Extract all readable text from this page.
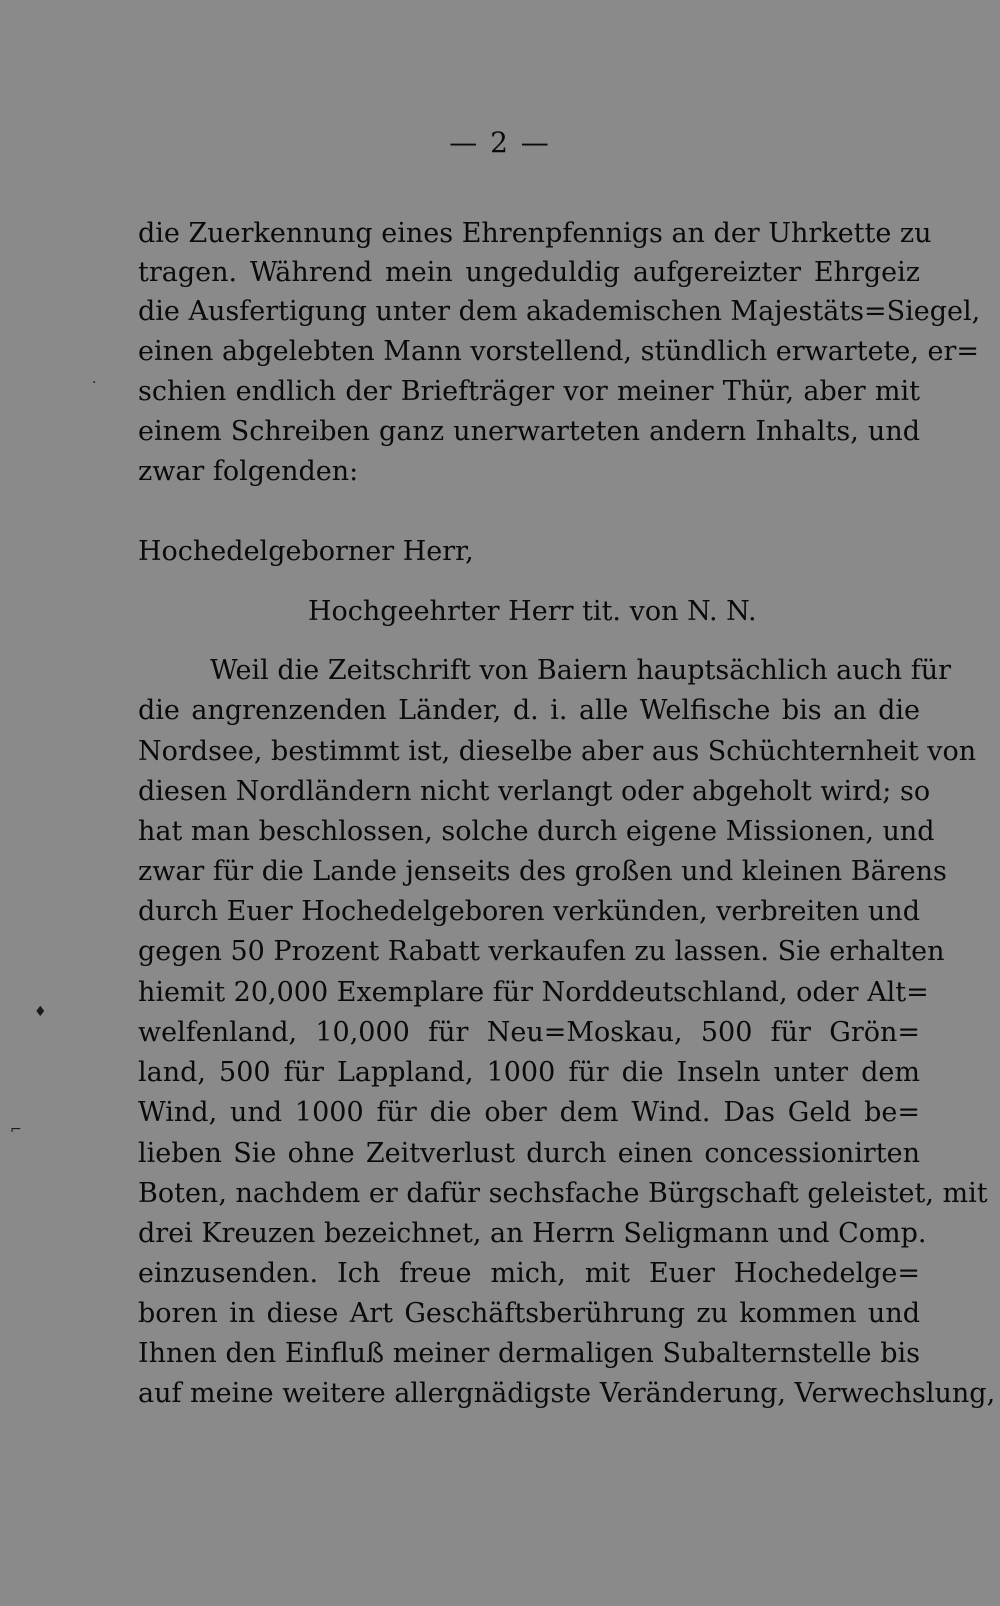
— 2 —
die Zuerkennung eines Ehrenpfennigs an der Uhrkette zu
tragen. Während mein ungeduldig aufgereizter Ehrgeiz
die Ausfertigung unter dem akademischen Majestäts=Siegel,
einen abgelebten Mann vorstellend, stündlich erwartete, er=
schien endlich der Briefträger vor meiner Thür, aber mit
einem Schreiben ganz unerwarteten andern Inhalts, und
zwar folgenden:
Hochedelgeborner Herr,
Hochgeehrter Herr tit. von N. N.
Weil die Zeitschrift von Baiern hauptsächlich auch für
die angrenzenden Länder, d. i. alle Welfische bis an die
Nordsee, bestimmt ist, dieselbe aber aus Schüchternheit von
diesen Nordländern nicht verlangt oder abgeholt wird; so
hat man beschlossen, solche durch eigene Missionen, und
zwar für die Lande jenseits des großen und kleinen Bärens
durch Euer Hochedelgeboren verkünden, verbreiten und
gegen 50 Prozent Rabatt verkaufen zu lassen. Sie erhalten
hiemit 20,000 Exemplare für Norddeutschland, oder Alt=
welfenland, 10,000 für Neu=Moskau, 500 für Grön=
land, 500 für Lappland, 1000 für die Inseln unter dem
Wind, und 1000 für die ober dem Wind. Das Geld be=
lieben Sie ohne Zeitverlust durch einen concessionirten
Boten, nachdem er dafür sechsfache Bürgschaft geleistet, mit
drei Kreuzen bezeichnet, an Herrn Seligmann und Comp.
einzusenden. Ich freue mich, mit Euer Hochedelge=
boren in diese Art Geschäftsberührung zu kommen und
Ihnen den Einfluß meiner dermaligen Subalternstelle bis
auf meine weitere allergnädigste Veränderung, Verwechslung,
·
♦
⌐
